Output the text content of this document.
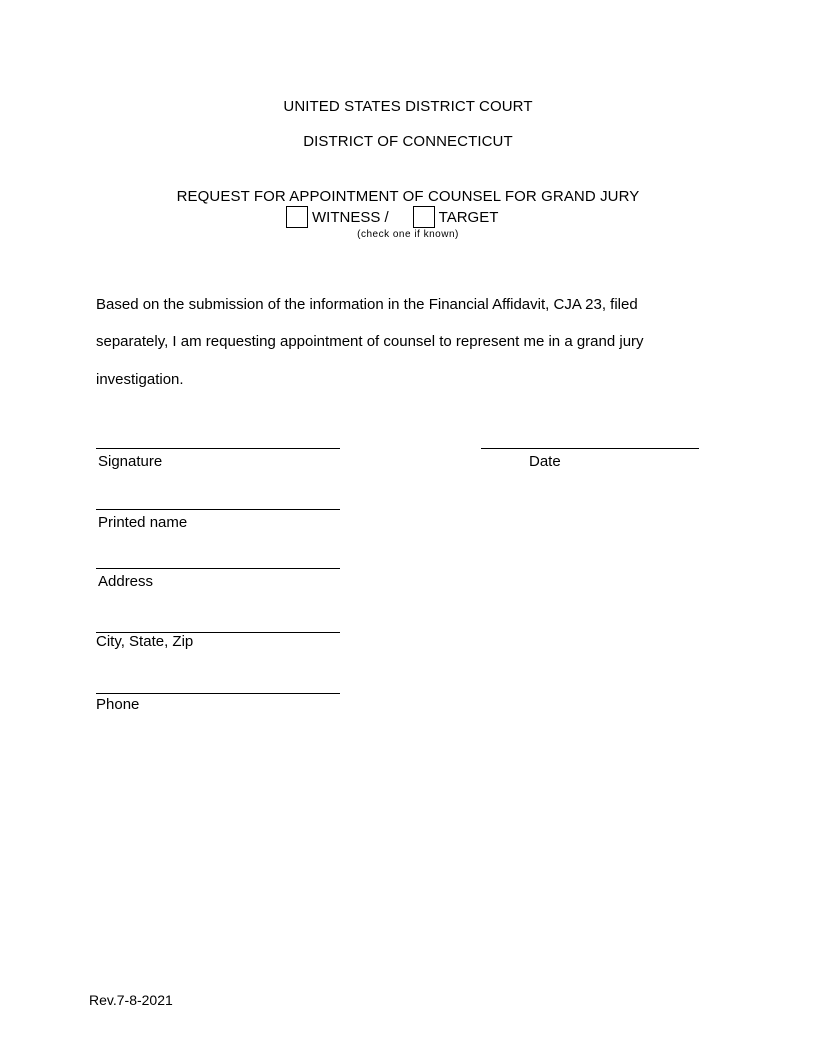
UNITED STATES DISTRICT COURT
DISTRICT OF CONNECTICUT
REQUEST FOR APPOINTMENT OF COUNSEL FOR GRAND JURY
WITNESS /	TARGET
(check one if known)
Based on the submission of the information in the Financial Affidavit, CJA 23, filed
separately, I am requesting appointment of counsel to represent me in a grand jury
investigation.
Signature	Date
Printed name
Address
City, State, Zip
Phone
Rev.7-8-2021
